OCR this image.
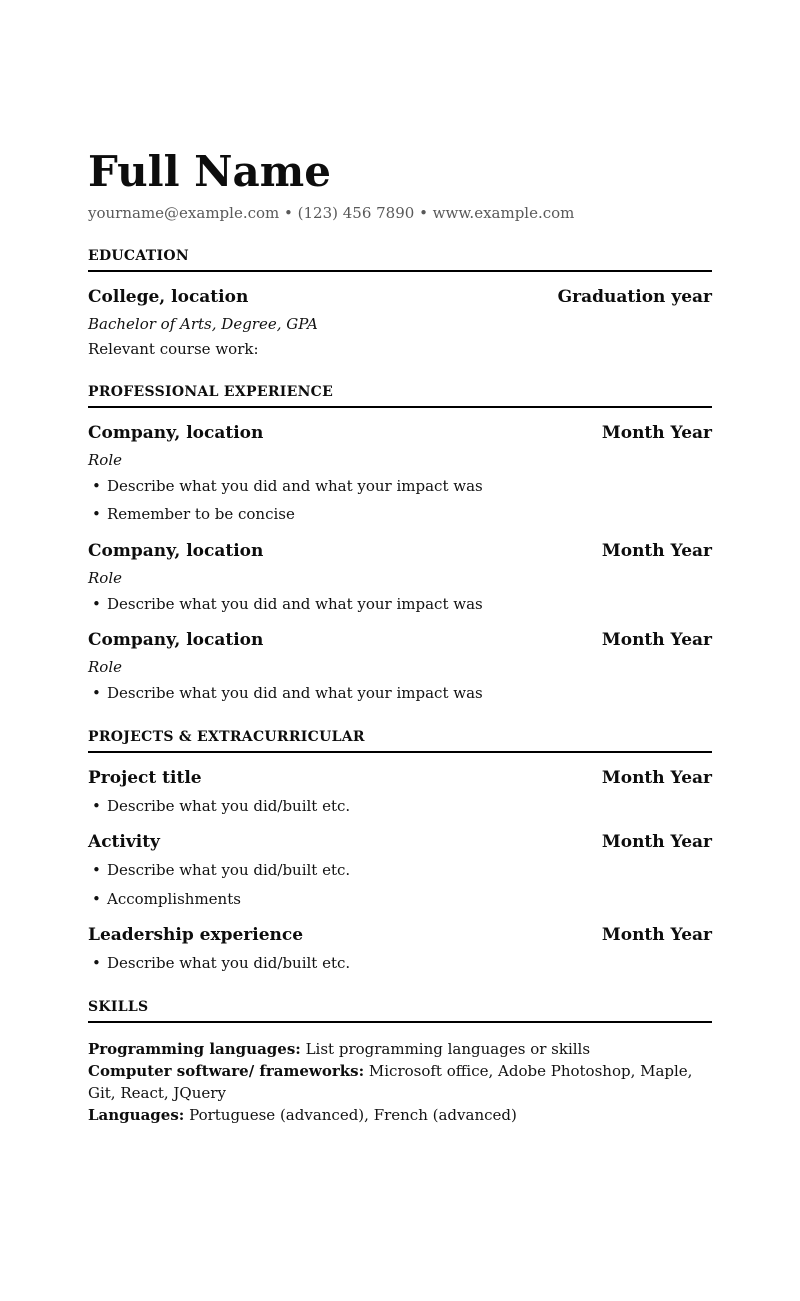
Full Name

yourname@example.com • (123) 456 7890 • www.example.com

EDUCATION
College, location	Graduation year

Bachelor of Arts, Degree, GPA

Relevant course work:

PROFESSIONAL EXPERIENCE
Company, location	Month Year

Role

• Describe what you did and what your impact was
• Remember to be concise
Company, location	Month Year

Role

• Describe what you did and what your impact was
Company, location	Month Year

Role

• Describe what you did and what your impact was
PROJECTS & EXTRACURRICULAR
Project title	Month Year
• Describe what you did/built etc.
Activity	Month Year
• Describe what you did/built etc.
• Accomplishments
Leadership experience	Month Year
• Describe what you did/built etc.
SKILLS

Programming languages: List programming languages or skills

Computer software/ frameworks: Microsoft office, Adobe Photoshop, Maple, Git, React, JQuery

Languages: Portuguese (advanced), French (advanced)
